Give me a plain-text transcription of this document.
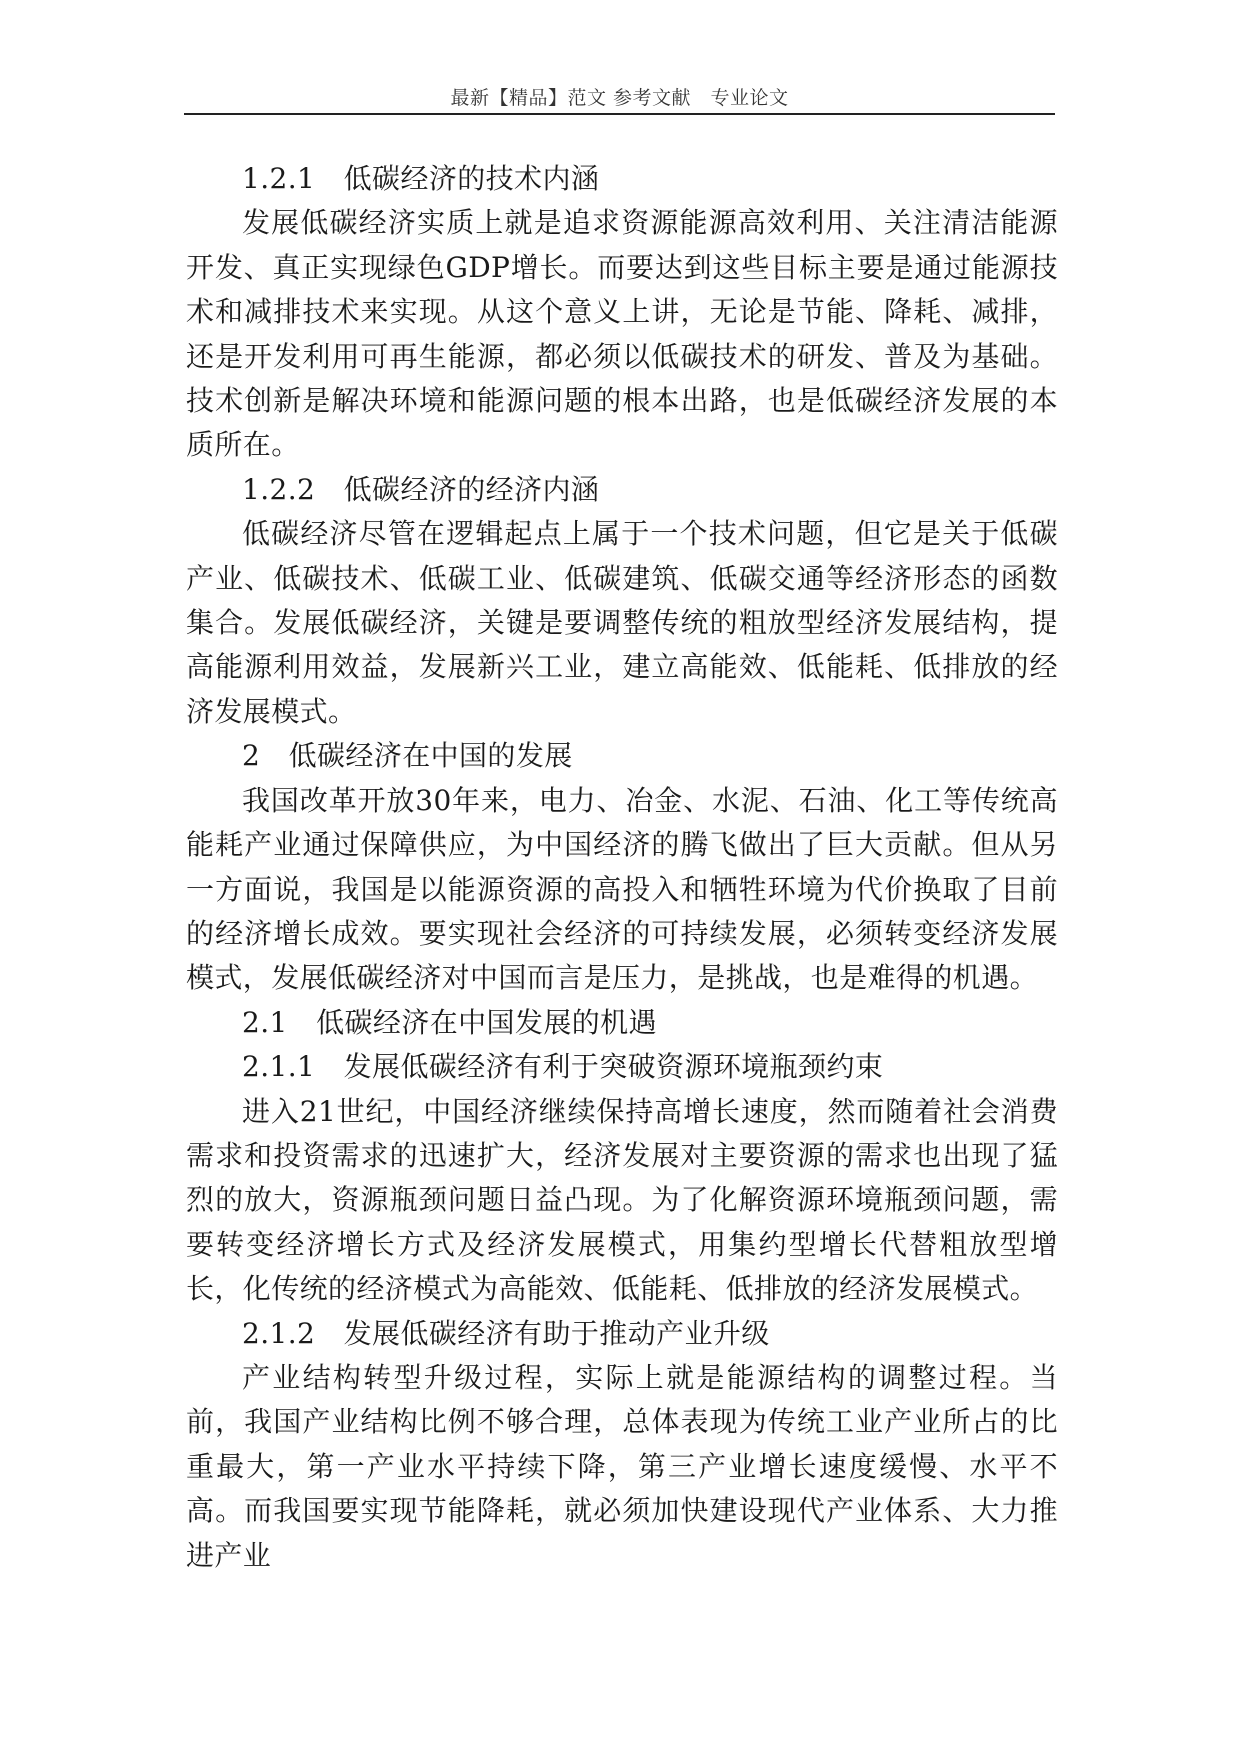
最新【精品】范文 参考文献　专业论文

1.2.1　低碳经济的技术内涵

发展低碳经济实质上就是追求资源能源高效利用、关注清洁能源开发、真正实现绿色GDP增长。而要达到这些目标主要是通过能源技术和减排技术来实现。从这个意义上讲，无论是节能、降耗、减排，还是开发利用可再生能源，都必须以低碳技术的研发、普及为基础。技术创新是解决环境和能源问题的根本出路，也是低碳经济发展的本质所在。

1.2.2　低碳经济的经济内涵

低碳经济尽管在逻辑起点上属于一个技术问题，但它是关于低碳产业、低碳技术、低碳工业、低碳建筑、低碳交通等经济形态的函数集合。发展低碳经济，关键是要调整传统的粗放型经济发展结构，提高能源利用效益，发展新兴工业，建立高能效、低能耗、低排放的经济发展模式。

2　低碳经济在中国的发展

我国改革开放30年来，电力、冶金、水泥、石油、化工等传统高能耗产业通过保障供应，为中国经济的腾飞做出了巨大贡献。但从另一方面说，我国是以能源资源的高投入和牺牲环境为代价换取了目前的经济增长成效。要实现社会经济的可持续发展，必须转变经济发展模式，发展低碳经济对中国而言是压力，是挑战，也是难得的机遇。

2.1　低碳经济在中国发展的机遇

2.1.1　发展低碳经济有利于突破资源环境瓶颈约束

进入21世纪，中国经济继续保持高增长速度，然而随着社会消费需求和投资需求的迅速扩大，经济发展对主要资源的需求也出现了猛烈的放大，资源瓶颈问题日益凸现。为了化解资源环境瓶颈问题，需要转变经济增长方式及经济发展模式，用集约型增长代替粗放型增长，化传统的经济模式为高能效、低能耗、低排放的经济发展模式。

2.1.2　发展低碳经济有助于推动产业升级

产业结构转型升级过程，实际上就是能源结构的调整过程。当前，我国产业结构比例不够合理，总体表现为传统工业产业所占的比重最大，第一产业水平持续下降，第三产业增长速度缓慢、水平不高。而我国要实现节能降耗，就必须加快建设现代产业体系、大力推进产业
